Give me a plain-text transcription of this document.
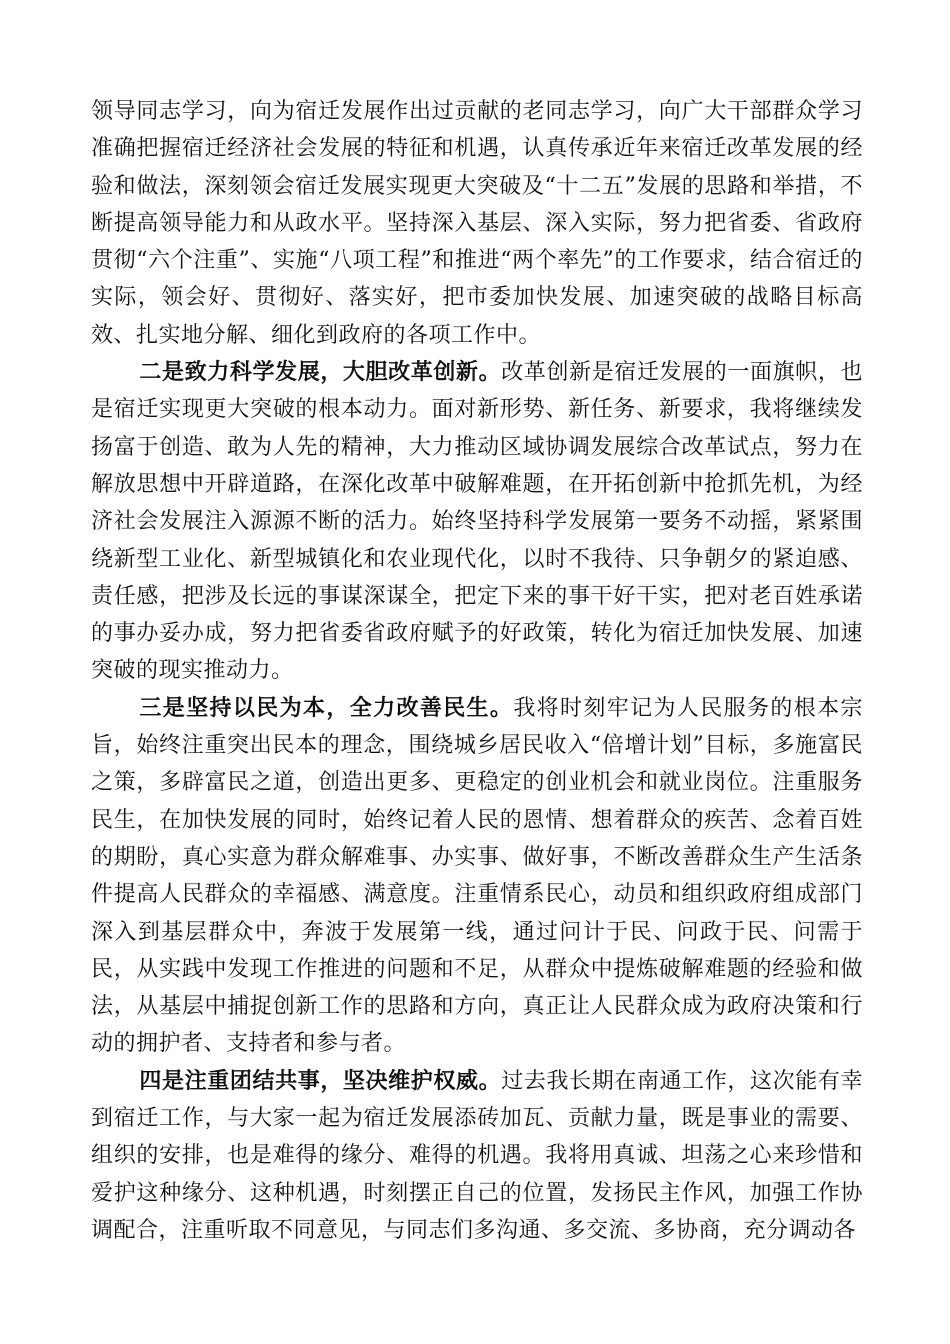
领导同志学习，向为宿迁发展作出过贡献的老同志学习，向广大干部群众学习准确把握宿迁经济社会发展的特征和机遇，认真传承近年来宿迁改革发展的经验和做法，深刻领会宿迁发展实现更大突破及“十二五”发展的思路和举措，不断提高领导能力和从政水平。坚持深入基层、深入实际，努力把省委、省政府贯彻“六个注重”、实施“八项工程”和推进“两个率先”的工作要求，结合宿迁的实际，领会好、贯彻好、落实好，把市委加快发展、加速突破的战略目标高效、扎实地分解、细化到政府的各项工作中。

二是致力科学发展，大胆改革创新。改革创新是宿迁发展的一面旗帜，也是宿迁实现更大突破的根本动力。面对新形势、新任务、新要求，我将继续发扬富于创造、敢为人先的精神，大力推动区域协调发展综合改革试点，努力在解放思想中开辟道路，在深化改革中破解难题，在开拓创新中抢抓先机，为经济社会发展注入源源不断的活力。始终坚持科学发展第一要务不动摇，紧紧围绕新型工业化、新型城镇化和农业现代化，以时不我待、只争朝夕的紧迫感、责任感，把涉及长远的事谋深谋全，把定下来的事干好干实，把对老百姓承诺的事办妥办成，努力把省委省政府赋予的好政策，转化为宿迁加快发展、加速突破的现实推动力。

三是坚持以民为本，全力改善民生。我将时刻牢记为人民服务的根本宗旨，始终注重突出民本的理念，围绕城乡居民收入“倍增计划”目标，多施富民之策，多辟富民之道，创造出更多、更稳定的创业机会和就业岗位。注重服务民生，在加快发展的同时，始终记着人民的恩情、想着群众的疾苦、念着百姓的期盼，真心实意为群众解难事、办实事、做好事，不断改善群众生产生活条件提高人民群众的幸福感、满意度。注重情系民心，动员和组织政府组成部门深入到基层群众中，奔波于发展第一线，通过问计于民、问政于民、问需于民，从实践中发现工作推进的问题和不足，从群众中提炼破解难题的经验和做法，从基层中捕捉创新工作的思路和方向，真正让人民群众成为政府决策和行动的拥护者、支持者和参与者。

四是注重团结共事，坚决维护权威。过去我长期在南通工作，这次能有幸到宿迁工作，与大家一起为宿迁发展添砖加瓦、贡献力量，既是事业的需要、组织的安排，也是难得的缘分、难得的机遇。我将用真诚、坦荡之心来珍惜和爱护这种缘分、这种机遇，时刻摆正自己的位置，发扬民主作风，加强工作协调配合，注重听取不同意见，与同志们多沟通、多交流、多协商，充分调动各
